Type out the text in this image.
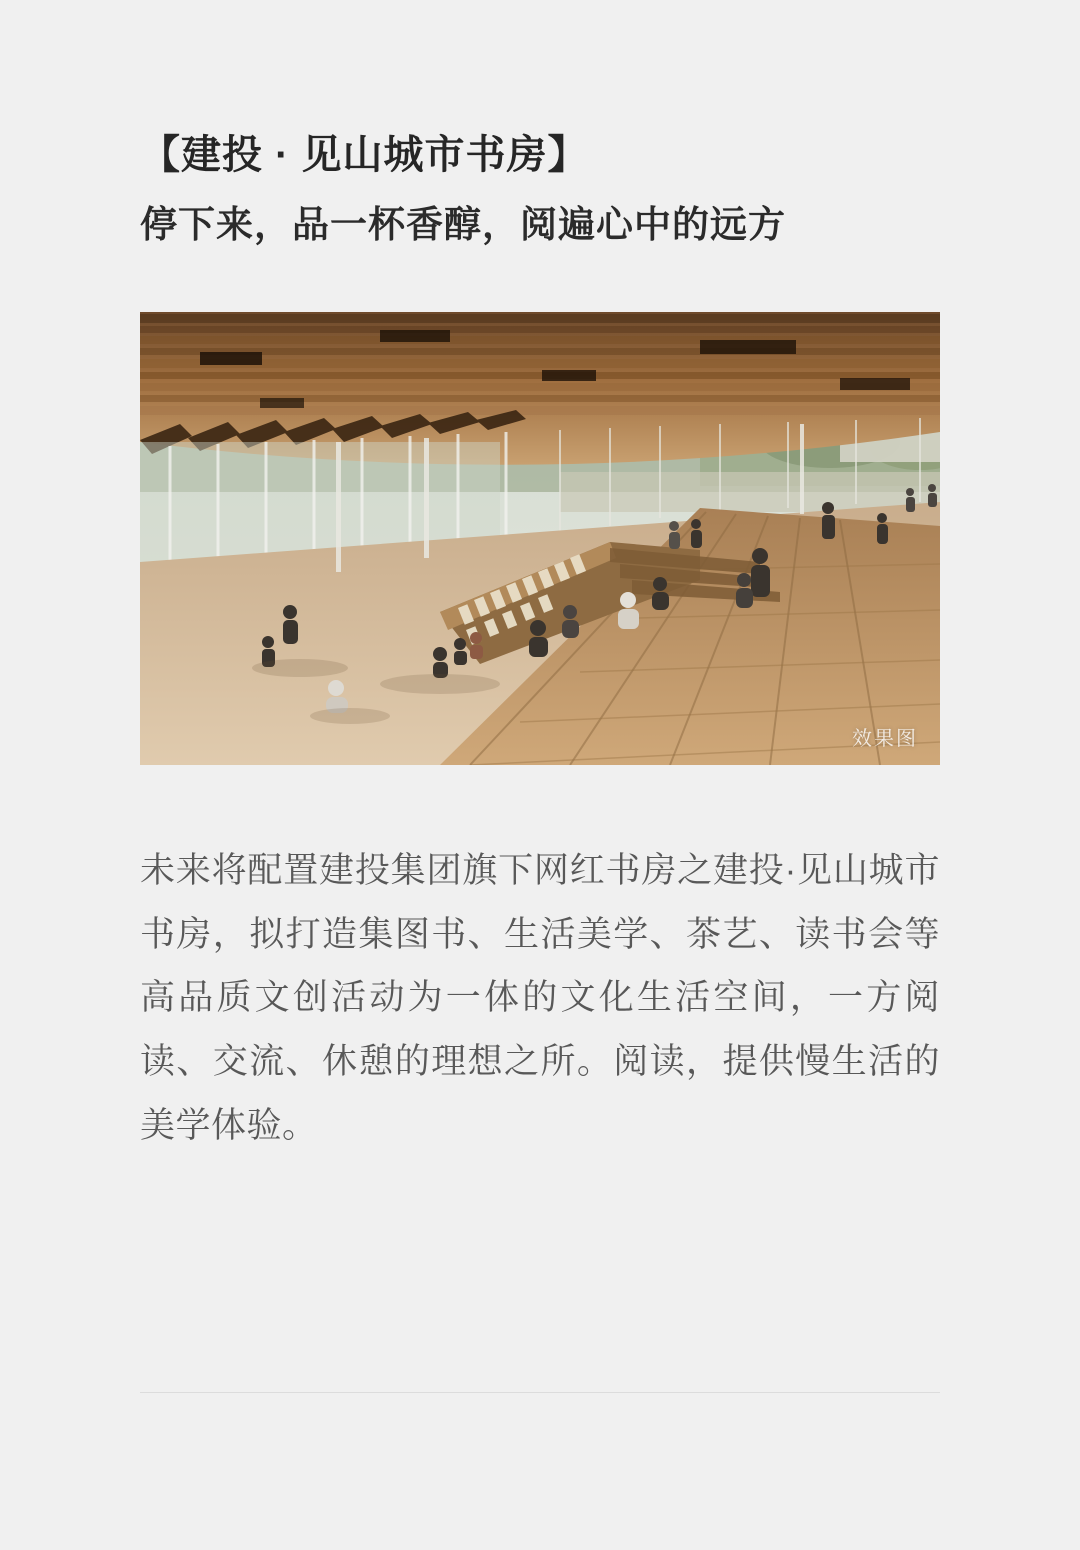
【建投 · 见山城市书房】
停下来，品一杯香醇，阅遍心中的远方
效果图

未来将配置建投集团旗下网红书房之建投·见山城市书房，拟打造集图书、生活美学、茶艺、读书会等高品质文创活动为一体的文化生活空间，一方阅读、交流、休憩的理想之所。阅读，提供慢生活的美学体验。
